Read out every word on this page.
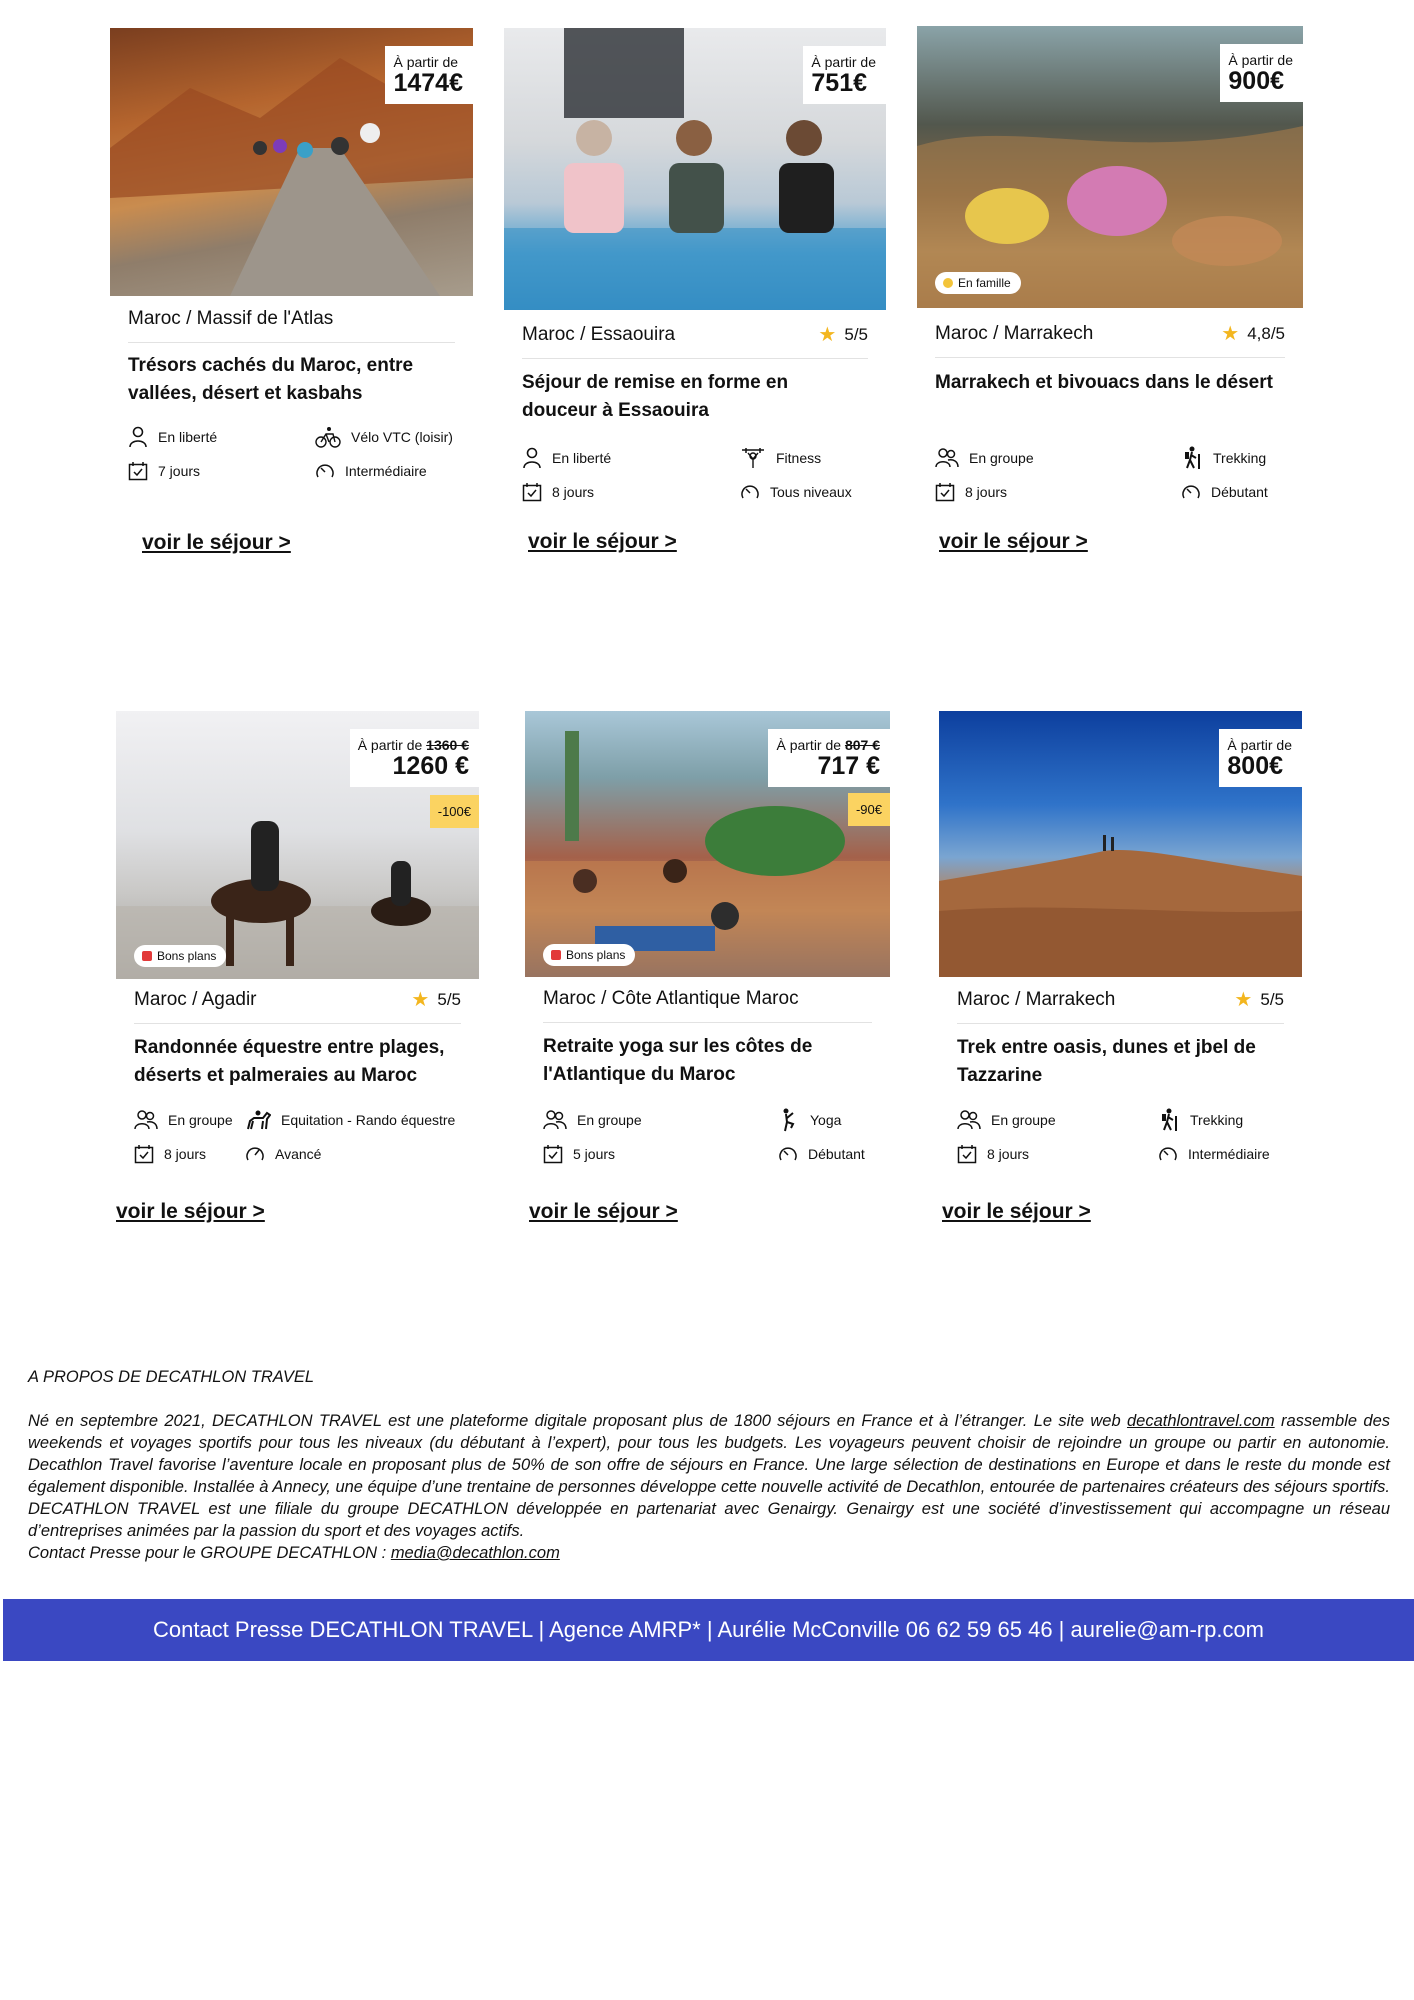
À partir de
1474€
Maroc / Massif de l'Atlas
Trésors cachés du Maroc, entre vallées, désert et kasbahs
En liberté	Vélo VTC (loisir)
7 jours	Intermédiaire
voir le séjour >
À partir de
751€
Maroc / Essaouira	★ 5/5
Séjour de remise en forme en douceur à Essaouira
En liberté	Fitness
8 jours	Tous niveaux
voir le séjour >
À partir de
900€
En famille
Maroc / Marrakech	★ 4,8/5
Marrakech et bivouacs dans le désert
En groupe	Trekking
8 jours	Débutant
voir le séjour >
À partir de 1360 €
1260 €
-100€
Bons plans
Maroc / Agadir	★ 5/5
Randonnée équestre entre plages, déserts et palmeraies au Maroc
En groupe	Equitation - Rando équestre
8 jours	Avancé
voir le séjour >
À partir de 807 €
717 €
-90€
Bons plans
Maroc / Côte Atlantique Maroc
Retraite yoga sur les côtes de l'Atlantique du Maroc
En groupe	Yoga
5 jours	Débutant
voir le séjour >
À partir de
800€
Maroc / Marrakech	★ 5/5
Trek entre oasis, dunes et jbel de Tazzarine
En groupe	Trekking
8 jours	Intermédiaire
voir le séjour >
A PROPOS DE DECATHLON TRAVEL
Né en septembre 2021, DECATHLON TRAVEL est une plateforme digitale proposant plus de 1800 séjours en France et à l’étranger. Le site web decathlontravel.com rassemble des weekends et voyages sportifs pour tous les niveaux (du débutant à l’expert), pour tous les budgets. Les voyageurs peuvent choisir de rejoindre un groupe ou partir en autonomie. Decathlon Travel favorise l’aventure locale en proposant plus de 50% de son offre de séjours en France. Une large sélection de destinations en Europe et dans le reste du monde est également disponible. Installée à Annecy, une équipe d’une trentaine de personnes développe cette nouvelle activité de Decathlon, entourée de partenaires créateurs des séjours sportifs. DECATHLON TRAVEL est une filiale du groupe DECATHLON développée en partenariat avec Genairgy. Genairgy est une société d’investissement qui accompagne un réseau d’entreprises animées par la passion du sport et des voyages actifs.
Contact Presse pour le GROUPE DECATHLON : media@decathlon.com
Contact Presse DECATHLON TRAVEL | Agence AMRP* | Aurélie McConville 06 62 59 65 46 | aurelie@am-rp.com
